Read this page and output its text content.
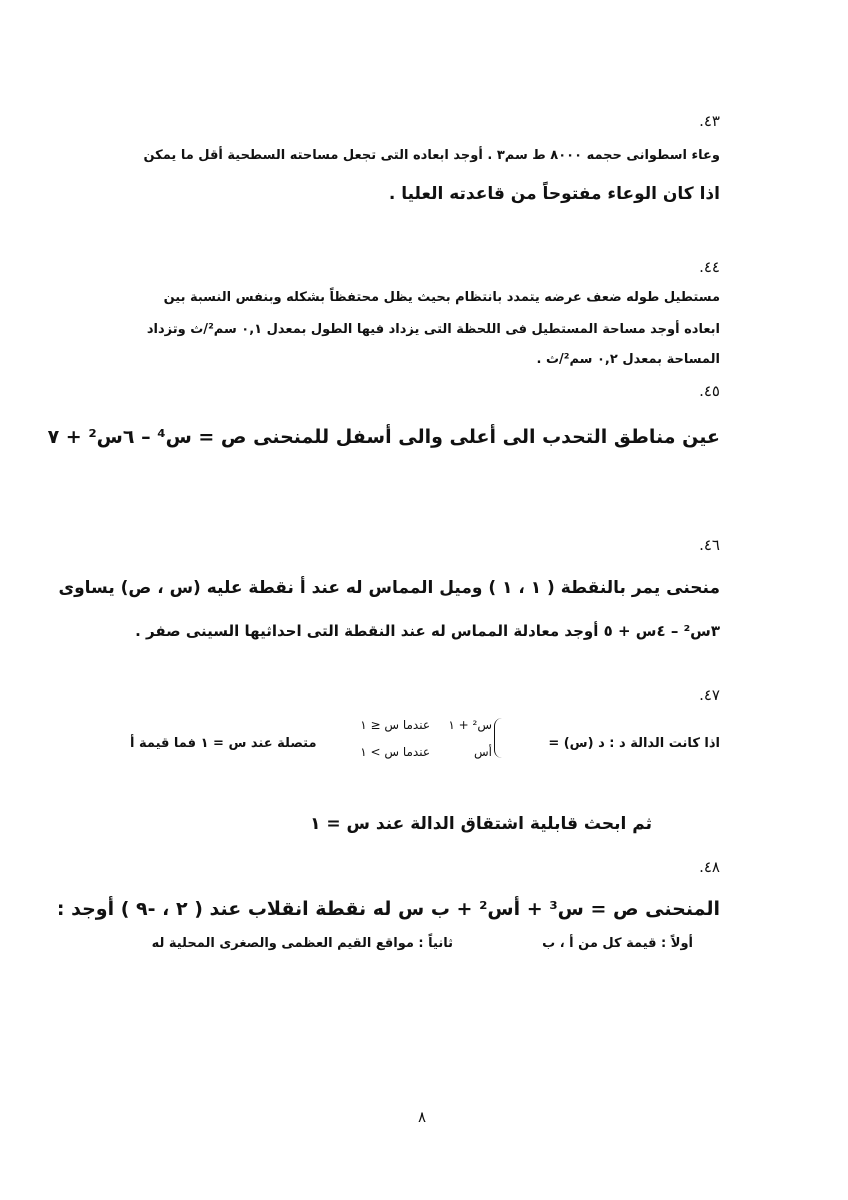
٤٣.
وعاء اسطوانى حجمه ٨٠٠٠ ط سم٣ . أوجد ابعاده التى تجعل مساحته السطحية أقل ما يمكن
اذا كان الوعاء مفتوحاً من قاعدته العليا .
٤٤.
مستطيل طوله ضعف عرضه يتمدد بانتظام بحيث يظل محتفظاً بشكله وبنفس النسبة بين
ابعاده أوجد مساحة المستطيل فى اللحظة التى يزداد فيها الطول بمعدل ٠,١ سم²/ث وتزداد
المساحة بمعدل ٠,٢ سم²/ث .
٤٥.
عين مناطق التحدب الى أعلى والى أسفل للمنحنى ص = س⁴ – ٦س² + ٧
٤٦.
منحنى يمر بالنقطة ( ١ ، ١ ) وميل المماس له عند أ نقطة عليه (س ، ص) يساوى
٣س² – ٤س + ٥ أوجد معادلة المماس له عند النقطة التى احداثيها السينى صفر .
٤٧.
اذا كانت الدالة د : د (س) =
س² + ١
عندما س ≤ ١
أس
عندما س > ١
متصلة عند س = ١ فما قيمة أ
ثم ابحث قابلية اشتقاق الدالة عند س = ١
٤٨.
المنحنى ص = س³ + أس² + ب س له نقطة انقلاب عند ( ٢ ، -٩ ) أوجد :
أولاً : قيمة كل من أ ، ب
ثانياً : مواقع القيم العظمى والصغرى المحلية له
٨
